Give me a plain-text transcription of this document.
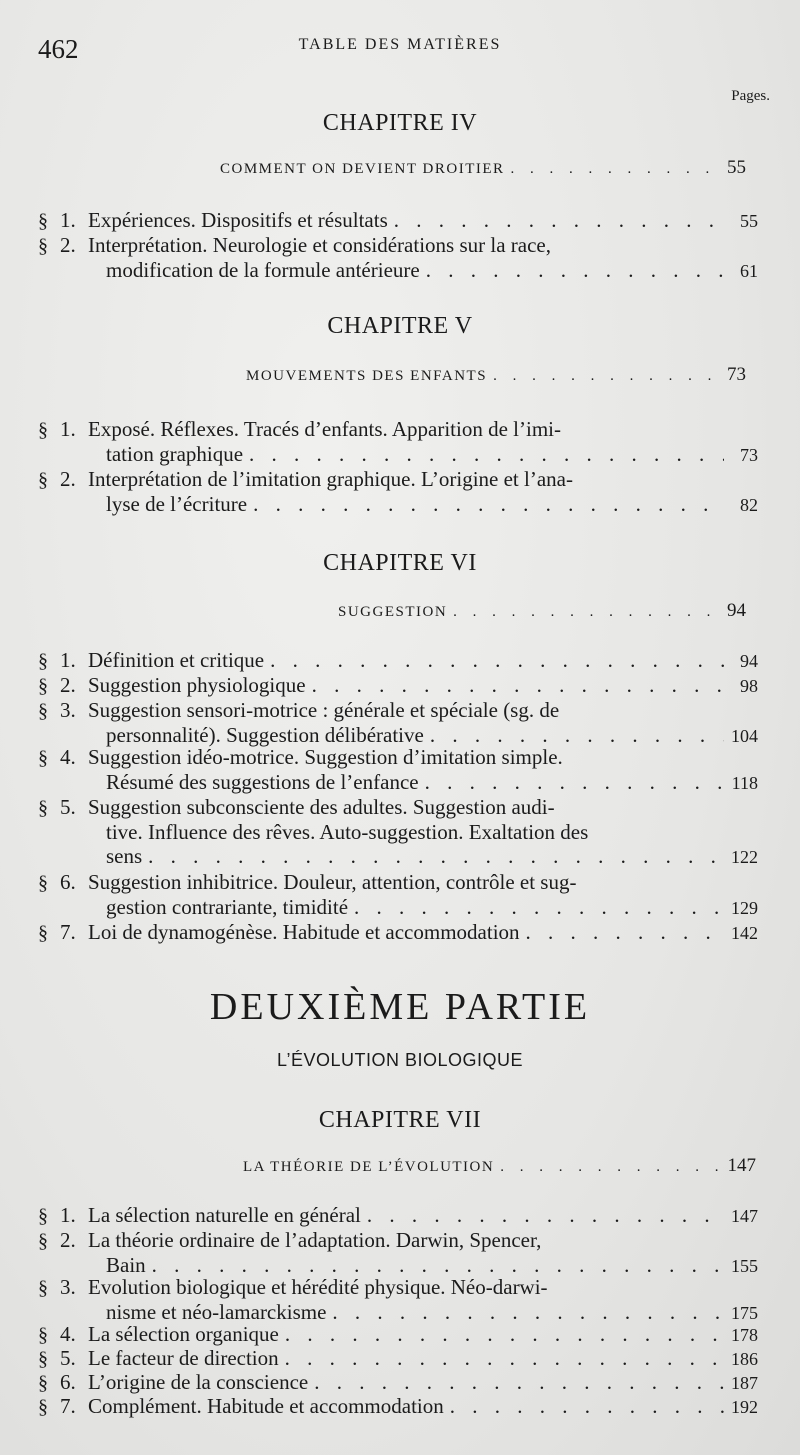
462	TABLE DES MATIÈRES
Pages.
CHAPITRE IV
COMMENT ON DEVIENT DROITIER . . .	55
§ 1. Expériences. Dispositifs et résultats . . .	55
§ 2. Interprétation. Neurologie et considérations sur la race,
modification de la formule antérieure . . .	61
CHAPITRE V
MOUVEMENTS DES ENFANTS . . .	73
§ 1. Exposé. Réflexes. Tracés d’enfants. Apparition de l’imi-
tation graphique . . .	73
§ 2. Interprétation de l’imitation graphique. L’origine et l’ana-
lyse de l’écriture . . .	82
CHAPITRE VI
SUGGESTION . . .	94
§ 1. Définition et critique . . .	94
§ 2. Suggestion physiologique . . .	98
§ 3. Suggestion sensori-motrice : générale et spéciale (sg. de
personnalité). Suggestion délibérative . . .	104
§ 4. Suggestion idéo-motrice. Suggestion d’imitation simple.
Résumé des suggestions de l’enfance . . .	118
§ 5. Suggestion subconsciente des adultes. Suggestion audi-
tive. Influence des rêves. Auto-suggestion. Exaltation des
sens . . .	122
§ 6. Suggestion inhibitrice. Douleur, attention, contrôle et sug-
gestion contrariante, timidité . . .	129
§ 7. Loi de dynamogénèse. Habitude et accommodation . . .	142
DEUXIÈME PARTIE
L’ÉVOLUTION BIOLOGIQUE
CHAPITRE VII
LA THÉORIE DE L’ÉVOLUTION . . .	147
§ 1. La sélection naturelle en général . . .	147
§ 2. La théorie ordinaire de l’adaptation. Darwin, Spencer,
Bain . . .	155
§ 3. Evolution biologique et hérédité physique. Néo-darwi-
nisme et néo-lamarckisme . . .	175
§ 4. La sélection organique . . .	178
§ 5. Le facteur de direction . . .	186
§ 6. L’origine de la conscience . . .	187
§ 7. Complément. Habitude et accommodation . . .	192
